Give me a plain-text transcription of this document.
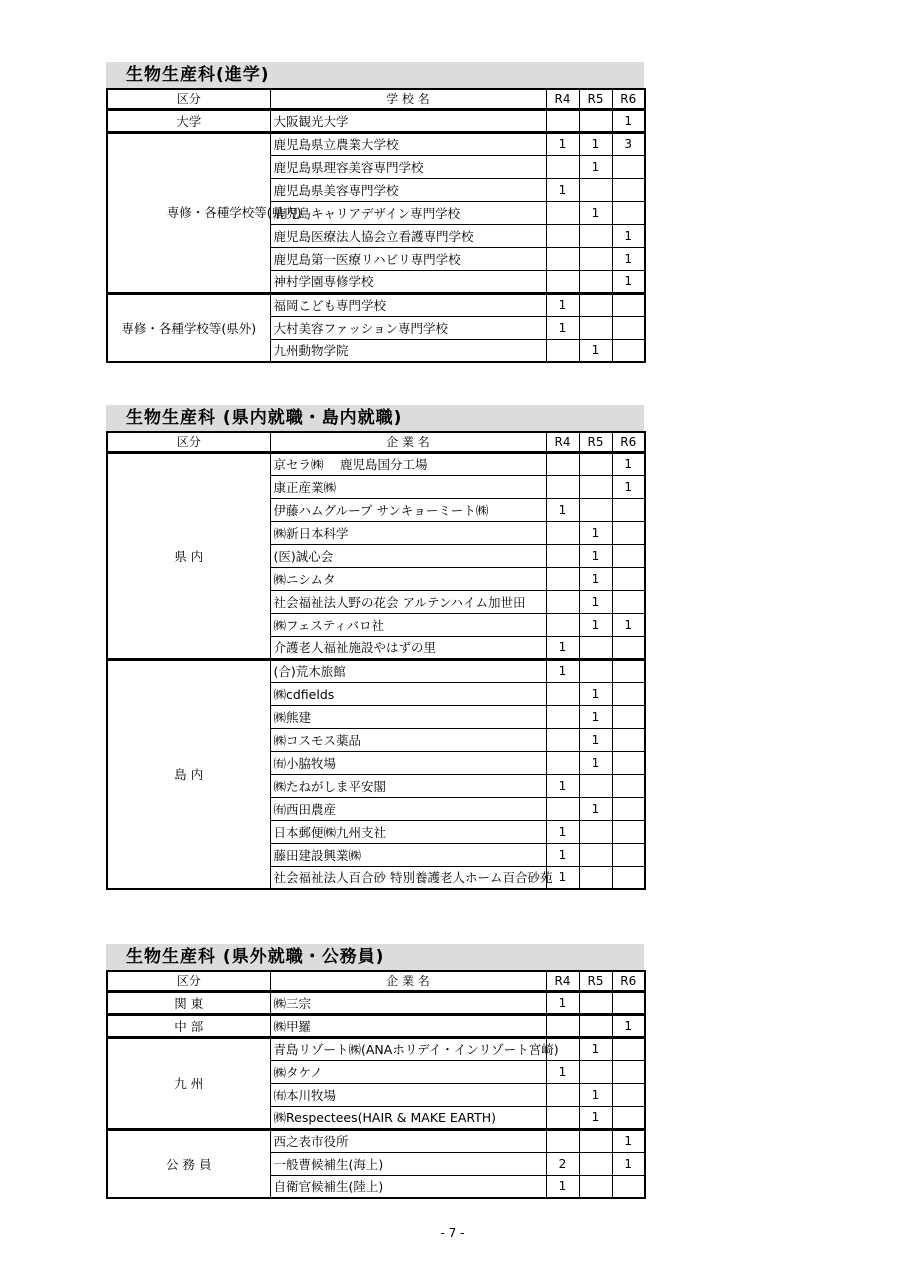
生物生産科(進学)
区分	学 校 名	R4	R5	R6
大学	大阪観光大学			1
専修・各種学校等(県内)	鹿児島県立農業大学校	1	1	3
	鹿児島県理容美容専門学校		1	
	鹿児島県美容専門学校	1		
	鹿児島キャリアデザイン専門学校		1	
	鹿児島医療法人協会立看護専門学校			1
	鹿児島第一医療リハビリ専門学校			1
	神村学園専修学校			1
専修・各種学校等(県外)	福岡こども専門学校	1		
	大村美容ファッション専門学校	1		
	九州動物学院		1	
生物生産科 (県内就職・島内就職)
区分	企 業 名	R4	R5	R6
県 内	京セラ㈱　 鹿児島国分工場			1
	康正産業㈱			1
	伊藤ハムグループ サンキョーミート㈱	1		
	㈱新日本科学		1	
	(医)誠心会		1	
	㈱ニシムタ		1	
	社会福祉法人野の花会 アルテンハイム加世田		1	
	㈱フェスティバロ社		1	1
	介護老人福祉施設やはずの里	1		
島 内	(合)荒木旅館	1		
	㈱cdfields		1	
	㈱熊建		1	
	㈱コスモス薬品		1	
	㈲小脇牧場		1	
	㈱たねがしま平安閣	1		
	㈲西田農産		1	
	日本郵便㈱九州支社	1		
	藤田建設興業㈱	1		
	社会福祉法人百合砂 特別養護老人ホーム百合砂苑	1		
生物生産科 (県外就職・公務員)
区分	企 業 名	R4	R5	R6
関 東	㈱三宗	1		
中 部	㈱甲羅			1
九 州	青島リゾート㈱(ANAホリデイ・インリゾート宮崎)		1	
	㈱タケノ	1		
	㈲本川牧場		1	
	㈱Respectees(HAIR & MAKE EARTH)		1	
公 務 員	西之表市役所			1
	一般曹候補生(海上)	2		1
	自衛官候補生(陸上)	1		
- 7 -
